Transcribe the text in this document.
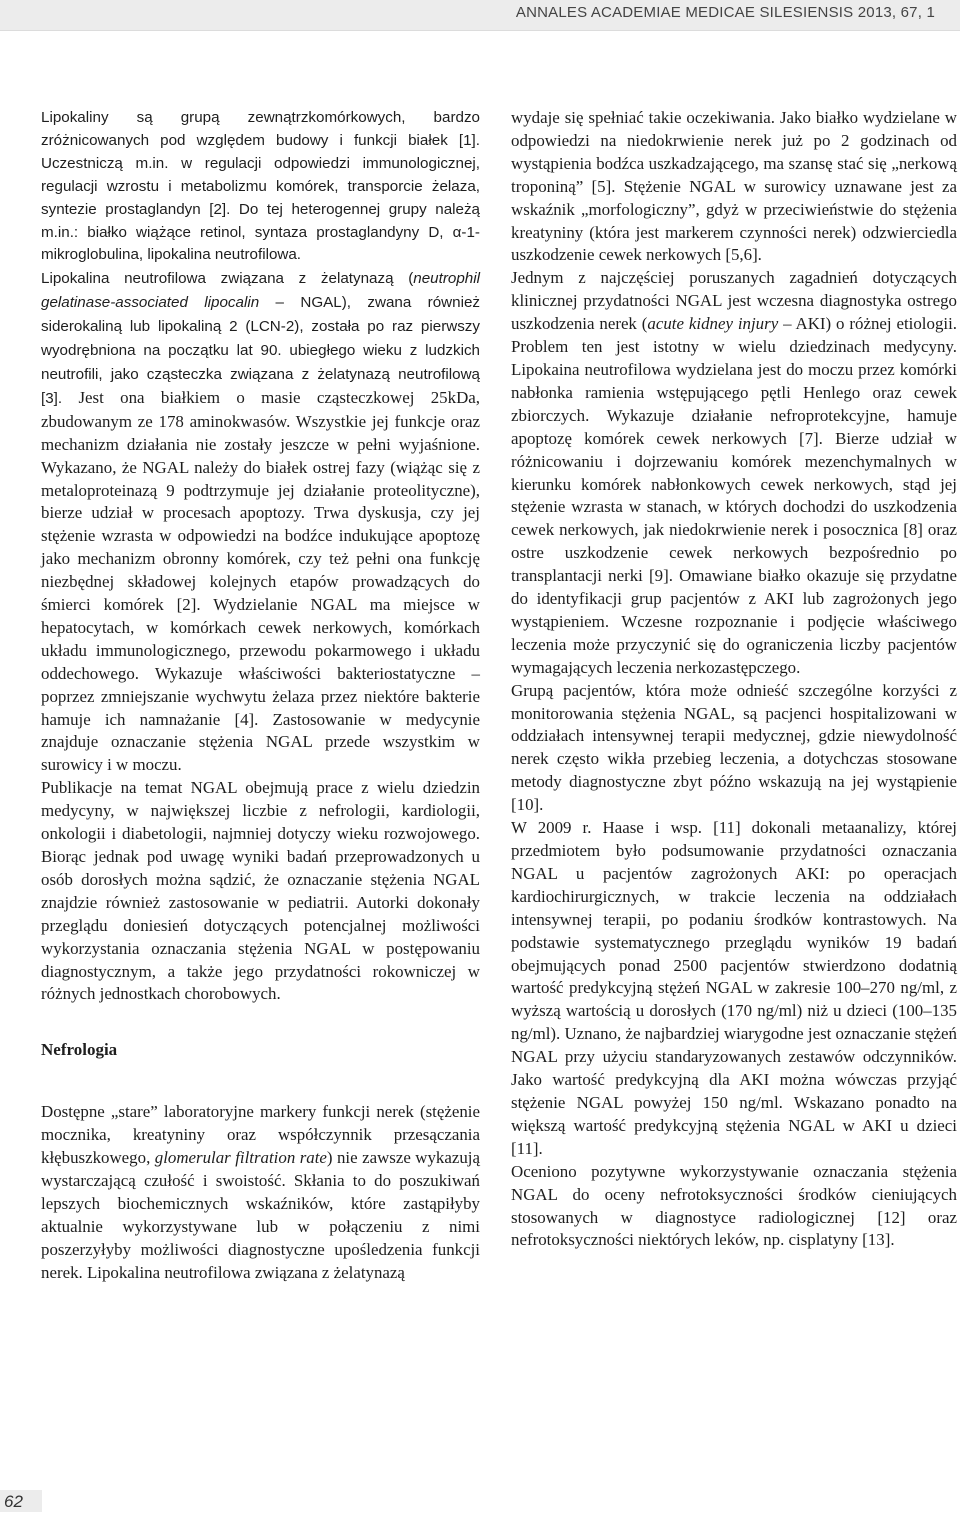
ANNALES ACADEMIAE MEDICAE SILESIENSIS 2013, 67, 1

Lipokaliny są grupą zewnątrzkomórkowych, bardzo zróżnicowanych pod względem budowy i funkcji białek [1]. Uczestniczą m.in. w regulacji odpowiedzi immunologicznej, regulacji wzrostu i metabolizmu komórek, transporcie żelaza, syntezie prostaglandyn [2]. Do tej heterogennej grupy należą m.in.: białko wiążące retinol, syntaza prostaglandyny D, α-1-mikroglobulina, lipokalina neutrofilowa.

Lipokalina neutrofilowa związana z żelatynazą (neutrophil gelatinase-associated lipocalin – NGAL), zwana również siderokaliną lub lipokaliną 2 (LCN-2), została po raz pierwszy wyodrębniona na początku lat 90. ubiegłego wieku z ludzkich neutrofili, jako cząsteczka związana z żelatynazą neutrofilową [3]. Jest ona białkiem o masie cząsteczkowej 25kDa, zbudowanym ze 178 aminokwasów. Wszystkie jej funkcje oraz mechanizm działania nie zostały jeszcze w pełni wyjaśnione. Wykazano, że NGAL należy do białek ostrej fazy (wiążąc się z metaloproteinazą 9 podtrzymuje jej działanie proteolityczne), bierze udział w procesach apoptozy. Trwa dyskusja, czy jej stężenie wzrasta w odpowiedzi na bodźce indukujące apoptozę jako mechanizm obronny komórek, czy też pełni ona funkcję niezbędnej składowej kolejnych etapów prowadzących do śmierci komórek [2]. Wydzielanie NGAL ma miejsce w hepatocytach, w komórkach cewek nerkowych, komórkach układu immunologicznego, przewodu pokarmowego i układu oddechowego. Wykazuje właściwości bakteriostatyczne – poprzez zmniejszanie wychwytu żelaza przez niektóre bakterie hamuje ich namnażanie [4]. Zastosowanie w medycynie znajduje oznaczanie stężenia NGAL przede wszystkim w surowicy i w moczu.

Publikacje na temat NGAL obejmują prace z wielu dziedzin medycyny, w największej liczbie z nefrologii, kardiologii, onkologii i diabetologii, najmniej dotyczy wieku rozwojowego. Biorąc jednak pod uwagę wyniki badań przeprowadzonych u osób dorosłych można sądzić, że oznaczanie stężenia NGAL znajdzie również zastosowanie w pediatrii. Autorki dokonały przeglądu doniesień dotyczących potencjalnej możliwości wykorzystania oznaczania stężenia NGAL w postępowaniu diagnostycznym, a także jego przydatności rokowniczej w różnych jednostkach chorobowych.

Nefrologia

Dostępne „stare” laboratoryjne markery funkcji nerek (stężenie mocznika, kreatyniny oraz współczynnik przesączania kłębuszkowego, glomerular filtration rate) nie zawsze wykazują wystarczającą czułość i swoistość. Skłania to do poszukiwań lepszych biochemicznych wskaźników, które zastąpiłyby aktualnie wykorzystywane lub w połączeniu z nimi poszerzyłyby możliwości diagnostyczne upośledzenia funkcji nerek. Lipokalina neutrofilowa związana z żelatynazą

wydaje się spełniać takie oczekiwania. Jako białko wydzielane w odpowiedzi na niedokrwienie nerek już po 2 godzinach od wystąpienia bodźca uszkadzającego, ma szansę stać się „nerkową troponiną” [5]. Stężenie NGAL w surowicy uznawane jest za wskaźnik „morfologiczny”, gdyż w przeciwieństwie do stężenia kreatyniny (która jest markerem czynności nerek) odzwierciedla uszkodzenie cewek nerkowych [5,6].

Jednym z najczęściej poruszanych zagadnień dotyczących klinicznej przydatności NGAL jest wczesna diagnostyka ostrego uszkodzenia nerek (acute kidney injury – AKI) o różnej etiologii. Problem ten jest istotny w wielu dziedzinach medycyny. Lipokaina neutrofilowa wydzielana jest do moczu przez komórki nabłonka ramienia wstępującego pętli Henlego oraz cewek zbiorczych. Wykazuje działanie nefroprotekcyjne, hamuje apoptozę komórek cewek nerkowych [7]. Bierze udział w różnicowaniu i dojrzewaniu komórek mezenchymalnych w kierunku komórek nabłonkowych cewek nerkowych, stąd jej stężenie wzrasta w stanach, w których dochodzi do uszkodzenia cewek nerkowych, jak niedokrwienie nerek i posocznica [8] oraz ostre uszkodzenie cewek nerkowych bezpośrednio po transplantacji nerki [9]. Omawiane białko okazuje się przydatne do identyfikacji grup pacjentów z AKI lub zagrożonych jego wystąpieniem. Wczesne rozpoznanie i podjęcie właściwego leczenia może przyczynić się do ograniczenia liczby pacjentów wymagających leczenia nerkozastępczego.

Grupą pacjentów, która może odnieść szczególne korzyści z monitorowania stężenia NGAL, są pacjenci hospitalizowani w oddziałach intensywnej terapii medycznej, gdzie niewydolność nerek często wikła przebieg leczenia, a dotychczas stosowane metody diagnostyczne zbyt późno wskazują na jej wystąpienie [10].

W 2009 r. Haase i wsp. [11] dokonali metaanalizy, której przedmiotem było podsumowanie przydatności oznaczania NGAL u pacjentów zagrożonych AKI: po operacjach kardiochirurgicznych, w trakcie leczenia na oddziałach intensywnej terapii, po podaniu środków kontrastowych. Na podstawie systematycznego przeglądu wyników 19 badań obejmujących ponad 2500 pacjentów stwierdzono dodatnią wartość predykcyjną stężeń NGAL w zakresie 100–270 ng/ml, z wyższą wartością u dorosłych (170 ng/ml) niż u dzieci (100–135 ng/ml). Uznano, że najbardziej wiarygodne jest oznaczanie stężeń NGAL przy użyciu standaryzowanych zestawów odczynników. Jako wartość predykcyjną dla AKI można wówczas przyjąć stężenie NGAL powyżej 150 ng/ml. Wskazano ponadto na większą wartość predykcyjną stężenia NGAL w AKI u dzieci [11].

Oceniono pozytywne wykorzystywanie oznaczania stężenia NGAL do oceny nefrotoksyczności środków cieniujących stosowanych w diagnostyce radiologicznej [12] oraz nefrotoksyczności niektórych leków, np. cisplatyny [13].

62
